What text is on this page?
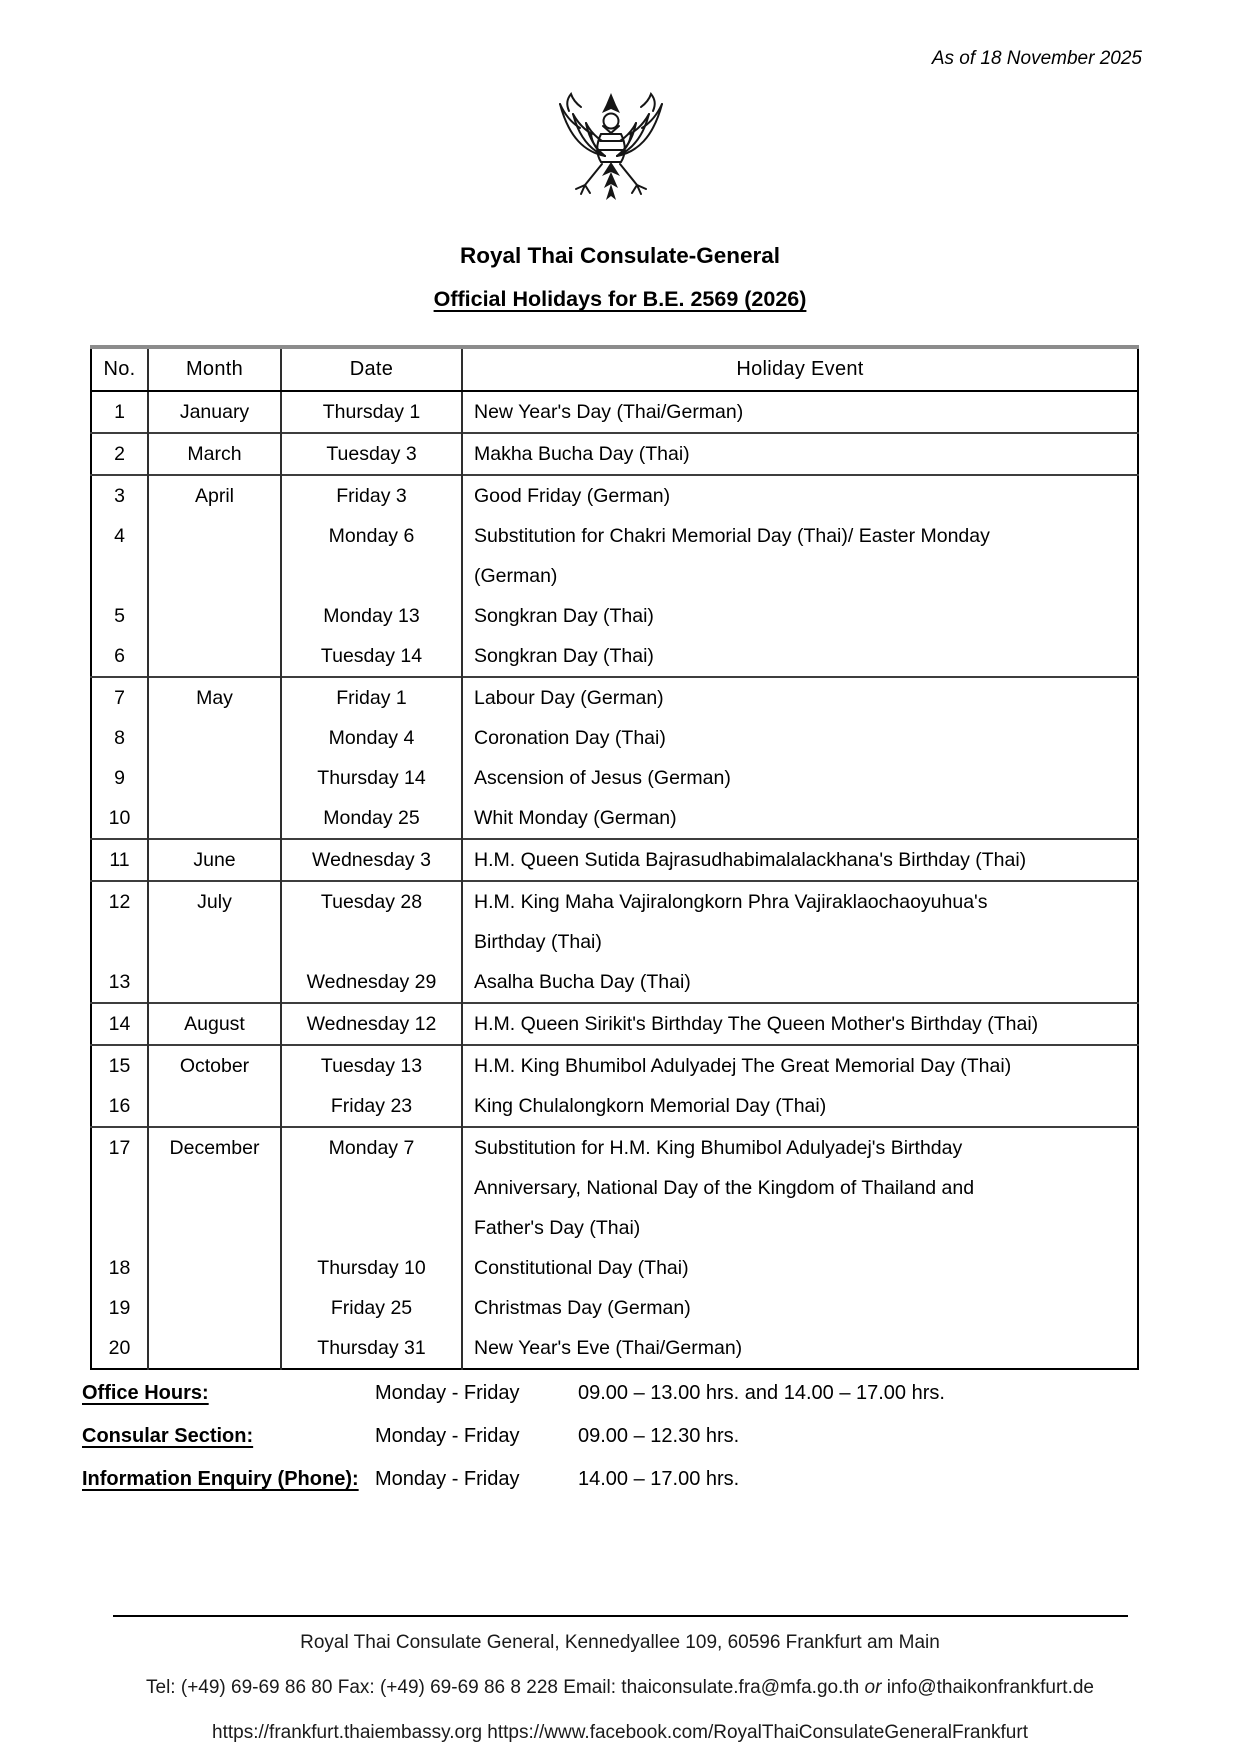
As of 18 November 2025
Royal Thai Consulate-General
Official Holidays for B.E. 2569 (2026)
No.	Month	Date	Holiday Event

1	January	Thursday 1	New Year's Day (Thai/German)

2	March	Tuesday 3	Makha Bucha Day (Thai)

3	April	Friday 3	Good Friday (German)

4		Monday 6	Substitution for Chakri Memorial Day (Thai)/ Easter Monday
(German)

5		Monday 13	Songkran Day (Thai)

6		Tuesday 14	Songkran Day (Thai)

7	May	Friday 1	Labour Day (German)

8		Monday 4	Coronation Day (Thai)

9		Thursday 14	Ascension of Jesus (German)

10		Monday 25	Whit Monday (German)

11	June	Wednesday 3	H.M. Queen Sutida Bajrasudhabimalalackhana's Birthday (Thai)

12	July	Tuesday 28	H.M. King Maha Vajiralongkorn Phra Vajiraklaochaoyuhua's
Birthday (Thai)

13		Wednesday 29	Asalha Bucha Day (Thai)

14	August	Wednesday 12	H.M. Queen Sirikit's Birthday The Queen Mother's Birthday (Thai)

15	October	Tuesday 13	H.M. King Bhumibol Adulyadej The Great Memorial Day (Thai)

16		Friday 23	King Chulalongkorn Memorial Day (Thai)

17	December	Monday 7	Substitution for H.M. King Bhumibol Adulyadej's Birthday
Anniversary, National Day of the Kingdom of Thailand and
Father's Day (Thai)

18		Thursday 10	Constitutional Day (Thai)

19		Friday 25	Christmas Day (German)

20		Thursday 31	New Year's Eve (Thai/German)
Office Hours:	Monday - Friday	09.00 – 13.00 hrs. and 14.00 – 17.00 hrs.
Consular Section:	Monday - Friday	09.00 – 12.30 hrs.
Information Enquiry (Phone): Monday - Friday	14.00 – 17.00 hrs.
Royal Thai Consulate General, Kennedyallee 109, 60596 Frankfurt am Main
Tel: (+49) 69-69 86 80 Fax: (+49) 69-69 86 8 228 Email: thaiconsulate.fra@mfa.go.th or info@thaikonfrankfurt.de
https://frankfurt.thaiembassy.org https://www.facebook.com/RoyalThaiConsulateGeneralFrankfurt
